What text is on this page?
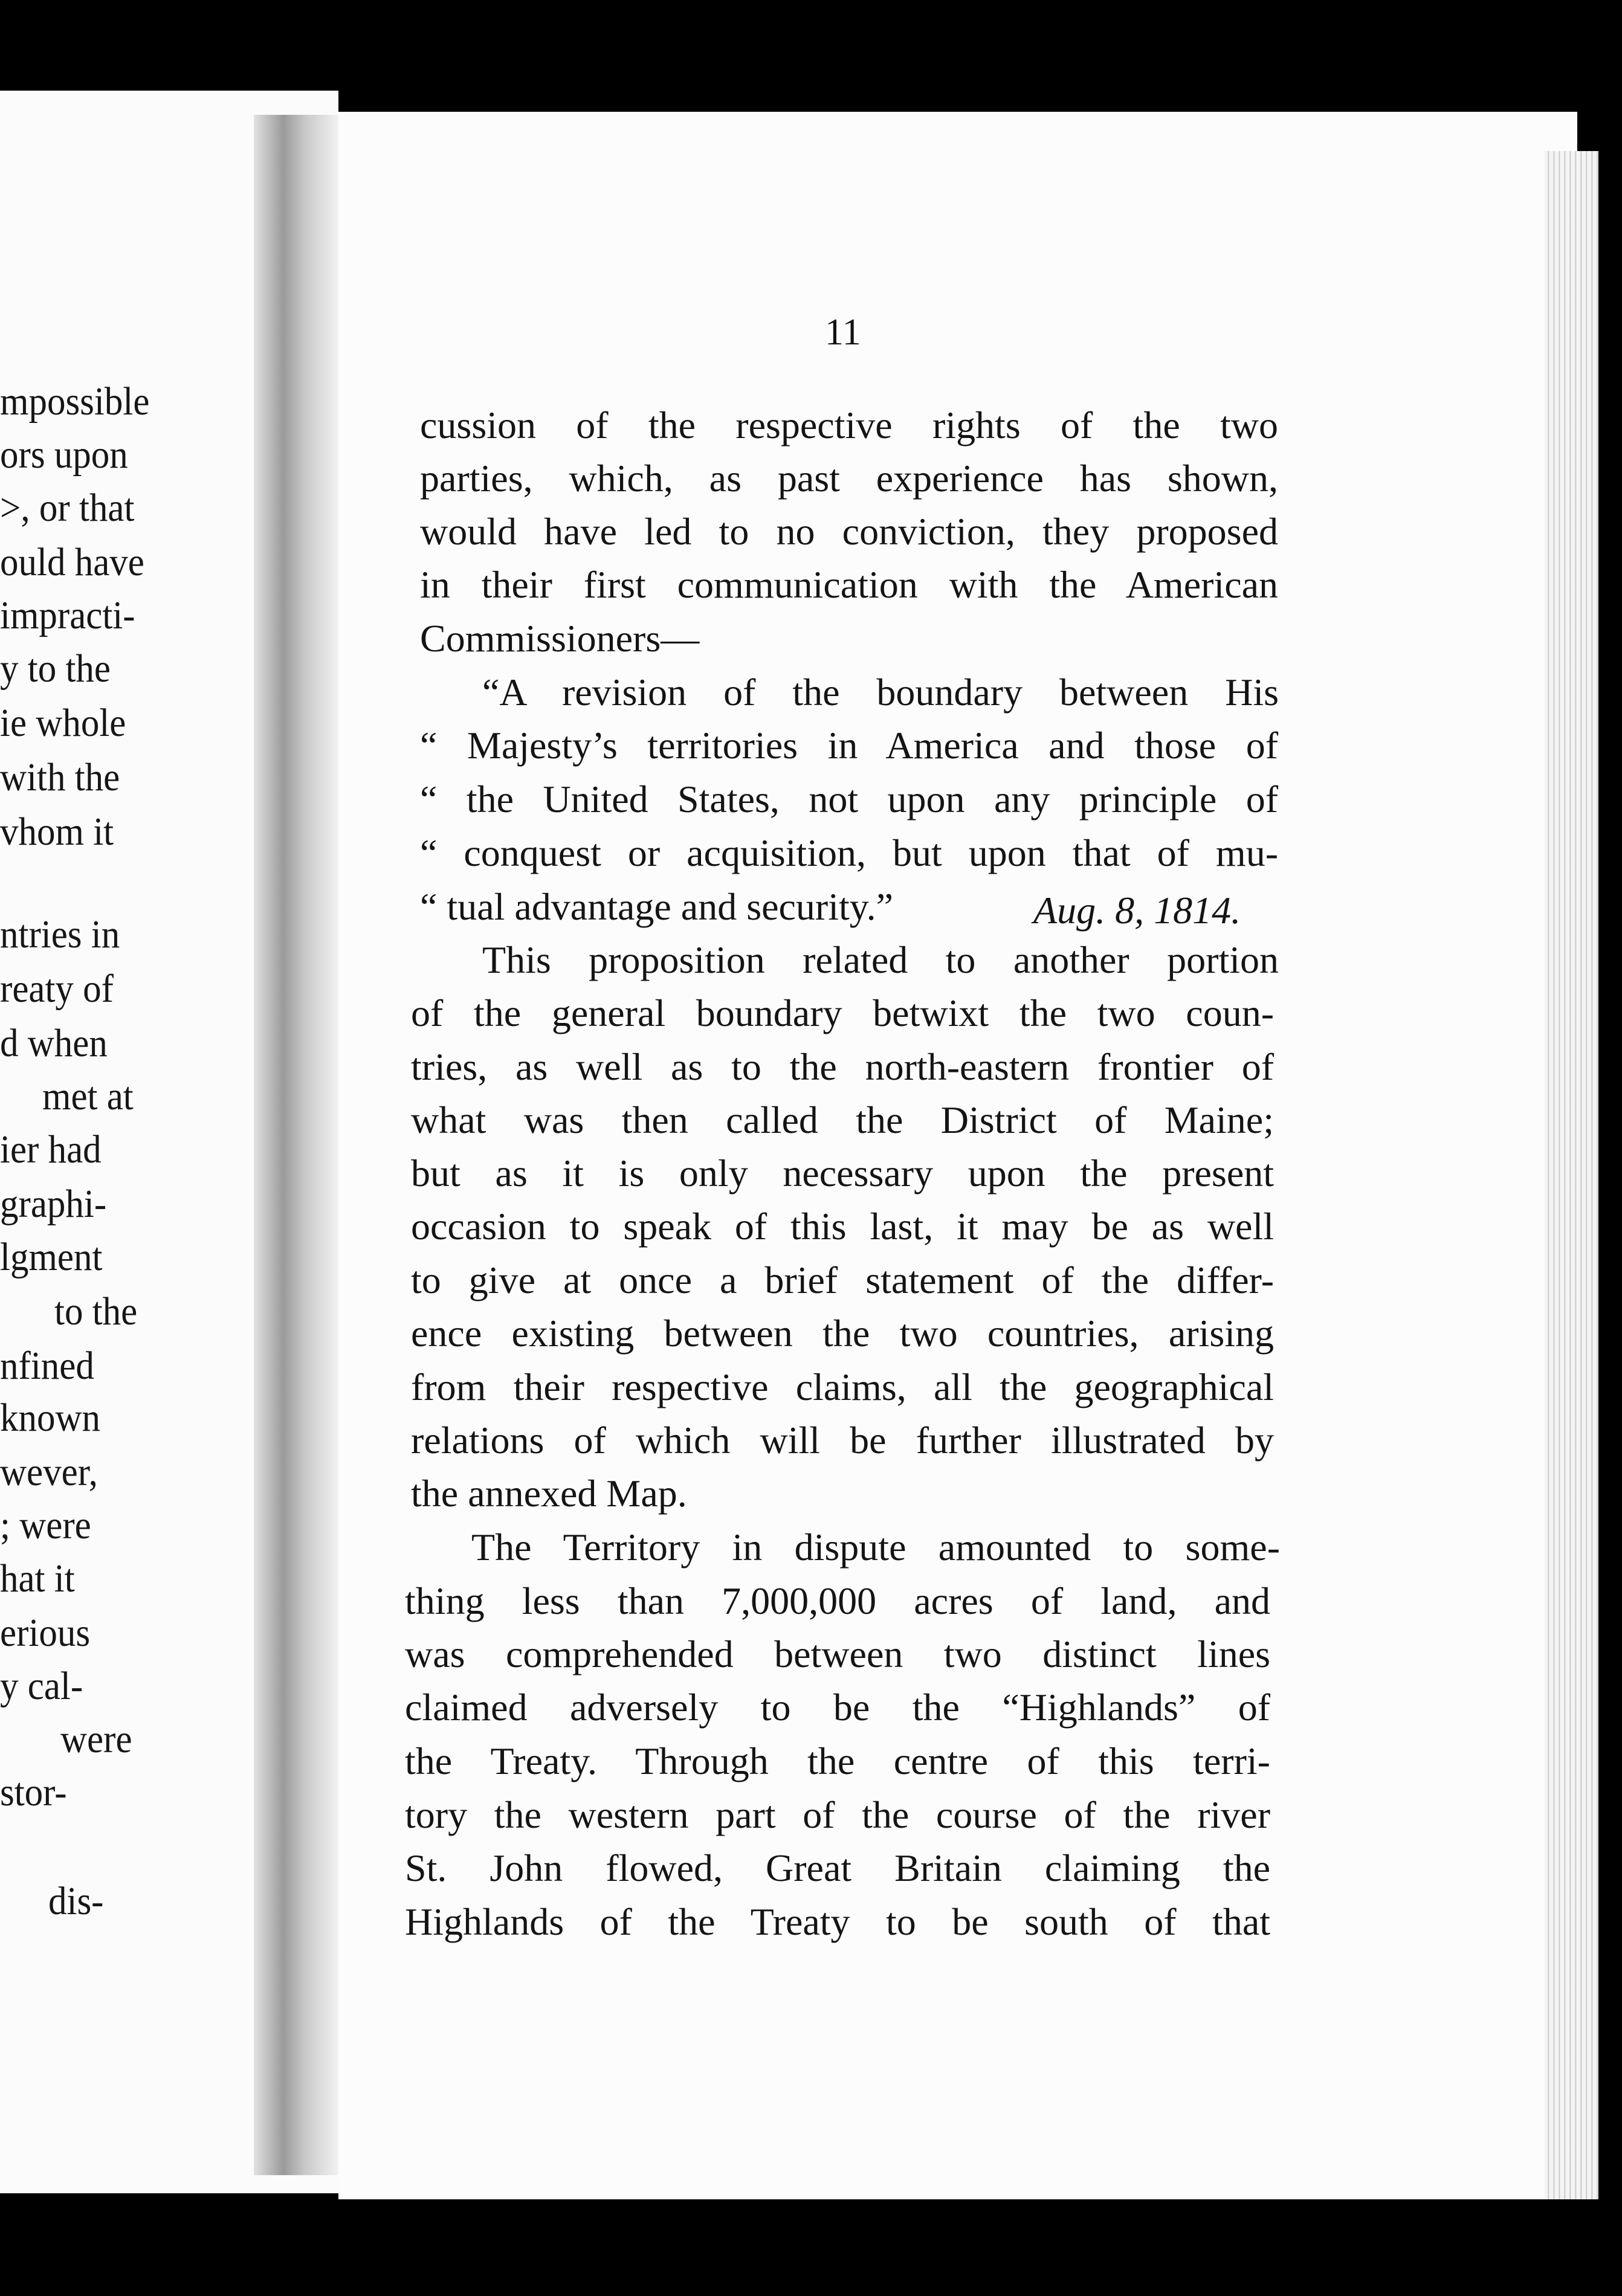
11
mpossible
ors upon
>, or that
ould have
impracti-
y to the
ie whole
with the
vhom it
ntries in
reaty of
d when
met at
ier had
graphi-
lgment
to the
nfined
known
wever,
; were
hat it
erious
y cal-
were
stor-
dis-
cussion of the respective rights of the two
parties, which, as past experience has shown,
would have led to no conviction, they proposed
in their first communication with the American
Commissioners—
“A revision of the boundary between His
“ Majesty’s territories in America and those of
“ the United States, not upon any principle of
“ conquest or acquisition, but upon that of mu-
“ tual advantage and security.”
This proposition related to another portion
of the general boundary betwixt the two coun-
tries, as well as to the north-eastern frontier of
what was then called the District of Maine;
but as it is only necessary upon the present
occasion to speak of this last, it may be as well
to give at once a brief statement of the differ-
ence existing between the two countries, arising
from their respective claims, all the geographical
relations of which will be further illustrated by
the annexed Map.
The Territory in dispute amounted to some-
thing less than 7,000,000 acres of land, and
was comprehended between two distinct lines
claimed adversely to be the “Highlands” of
the Treaty. Through the centre of this terri-
tory the western part of the course of the river
St. John flowed, Great Britain claiming the
Highlands of the Treaty to be south of that
Aug. 8, 1814.
